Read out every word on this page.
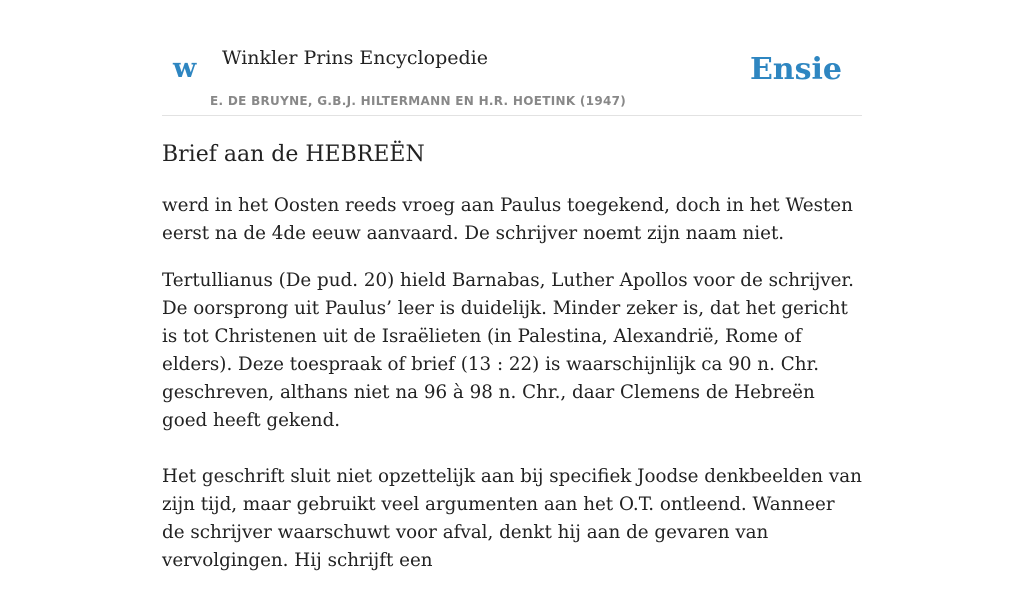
w Winkler Prins Encyclopedie
E. DE BRUYNE, G.B.J. HILTERMANN EN H.R. HOETINK (1947)
Ensie
Brief aan de HEBREËN

werd in het Oosten reeds vroeg aan Paulus toegekend, doch in het Westen eerst na de 4de eeuw aanvaard. De schrijver noemt zijn naam niet.

Tertullianus (De pud. 20) hield Barnabas, Luther Apollos voor de schrijver. De oorsprong uit Paulus’ leer is duidelijk. Minder zeker is, dat het gericht is tot Christenen uit de Israëlieten (in Palestina, Alexandrië, Rome of elders). Deze toespraak of brief (13 : 22) is waarschijnlijk ca 90 n. Chr. geschreven, althans niet na 96 à 98 n. Chr., daar Clemens de Hebreën goed heeft gekend.

Het geschrift sluit niet opzettelijk aan bij specifiek Joodse denkbeelden van zijn tijd, maar gebruikt veel argumenten aan het O.T. ontleend. Wanneer de schrijver waarschuwt voor afval, denkt hij aan de gevaren van vervolgingen. Hij schrijft een
